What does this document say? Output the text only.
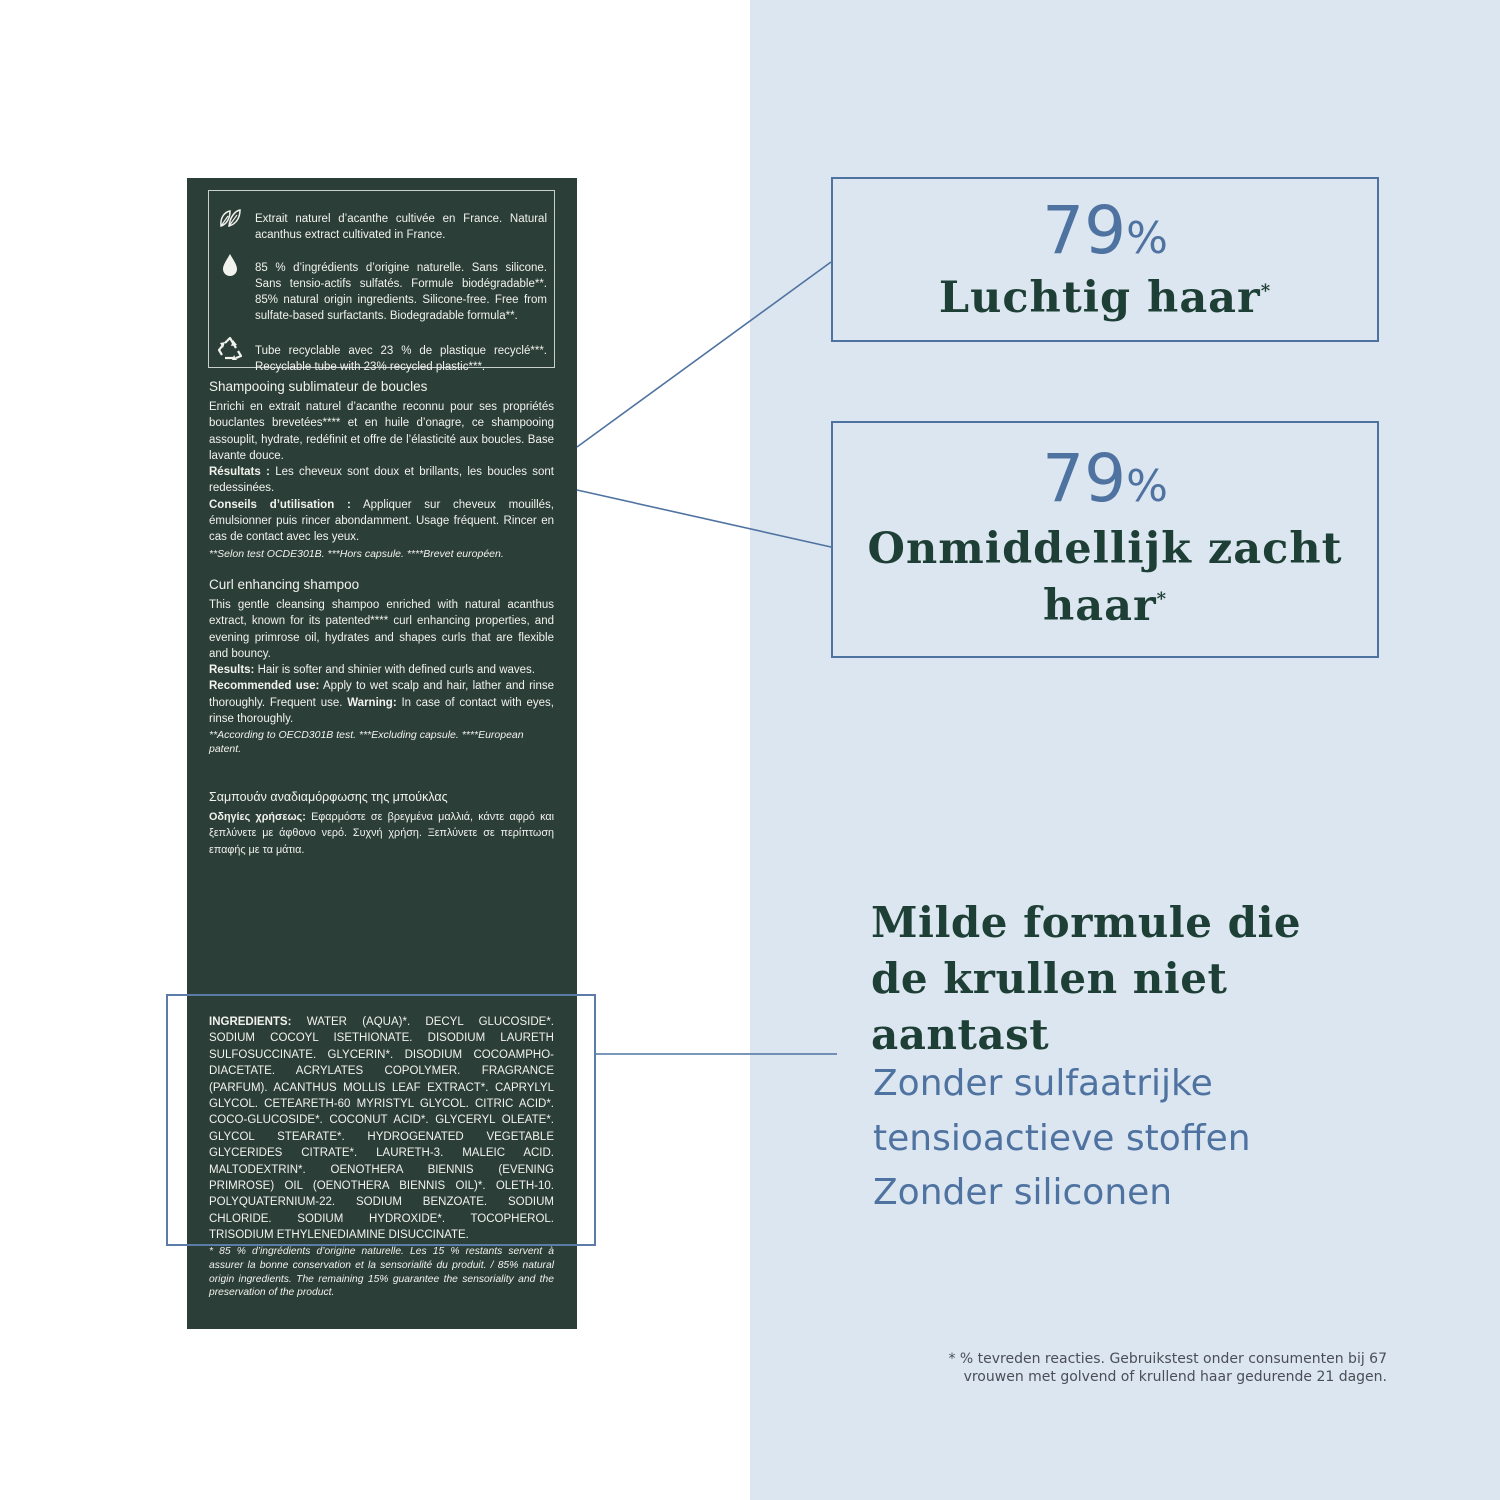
Extrait naturel d’acanthe cultivée en France. Natural acanthus extract cultivated in France.

85 % d’ingrédients d’origine naturelle. Sans silicone. Sans tensio-actifs sulfatés. Formule biodégradable**. 85% natural origin ingredients. Silicone-free. Free from sulfate-based surfactants. Biodegradable formula**.

Tube recyclable avec 23 % de plastique recyclé***. Recyclable tube with 23% recycled plastic***.

Shampooing sublimateur de boucles

Enrichi en extrait naturel d’acanthe reconnu pour ses propriétés bouclantes brevetées**** et en huile d’onagre, ce shampooing assouplit, hydrate, redéfinit et offre de l’élasticité aux boucles. Base lavante douce.
Résultats : Les cheveux sont doux et brillants, les boucles sont redessinées.
Conseils d’utilisation : Appliquer sur cheveux mouillés, émulsionner puis rincer abondamment. Usage fréquent. Rincer en cas de contact avec les yeux.

**Selon test OCDE301B. ***Hors capsule. ****Brevet européen.

Curl enhancing shampoo

This gentle cleansing shampoo enriched with natural acanthus extract, known for its patented**** curl enhancing properties, and evening primrose oil, hydrates and shapes curls that are flexible and bouncy.
Results: Hair is softer and shinier with defined curls and waves.
Recommended use: Apply to wet scalp and hair, lather and rinse thoroughly. Frequent use. Warning: In case of contact with eyes, rinse thoroughly.

**According to OECD301B test. ***Excluding capsule. ****European patent.

Σαμπουάν αναδιαμόρφωσης της μπούκλας

Οδηγίες χρήσεως: Εφαρμόστε σε βρεγμένα μαλλιά, κάντε αφρό και ξεπλύνετε με άφθονο νερό. Συχνή χρήση. Ξεπλύνετε σε περίπτωση επαφής με τα μάτια.

INGREDIENTS: WATER (AQUA)*. DECYL GLUCOSIDE*. SODIUM COCOYL ISETHIONATE. DISODIUM LAURETH SULFOSUCCINATE. GLYCERIN*. DISODIUM COCOAMPHO-DIACETATE. ACRYLATES COPOLYMER. FRAGRANCE (PARFUM). ACANTHUS MOLLIS LEAF EXTRACT*. CAPRYLYL GLYCOL. CETEARETH-60 MYRISTYL GLYCOL. CITRIC ACID*. COCO-GLUCOSIDE*. COCONUT ACID*. GLYCERYL OLEATE*. GLYCOL STEARATE*. HYDROGENATED VEGETABLE GLYCERIDES CITRATE*. LAURETH-3. MALEIC ACID. MALTODEXTRIN*. OENOTHERA BIENNIS (EVENING PRIMROSE) OIL (OENOTHERA BIENNIS OIL)*. OLETH-10. POLYQUATERNIUM-22. SODIUM BENZOATE. SODIUM CHLORIDE. SODIUM HYDROXIDE*. TOCOPHEROL. TRISODIUM ETHYLENEDIAMINE DISUCCINATE.

* 85 % d’ingrédients d’origine naturelle. Les 15 % restants servent à assurer la bonne conservation et la sensorialité du produit. / 85% natural origin ingredients. The remaining 15% guarantee the sensoriality and the preservation of the product.

79%
Luchtig haar*
79%
Onmiddellijk zacht
haar*
Milde formule die
de krullen niet
aantast
Zonder sulfaatrijke
tensioactieve stoffen
Zonder siliconen

* % tevreden reacties. Gebruikstest onder consumenten bij 67
vrouwen met golvend of krullend haar gedurende 21 dagen.
